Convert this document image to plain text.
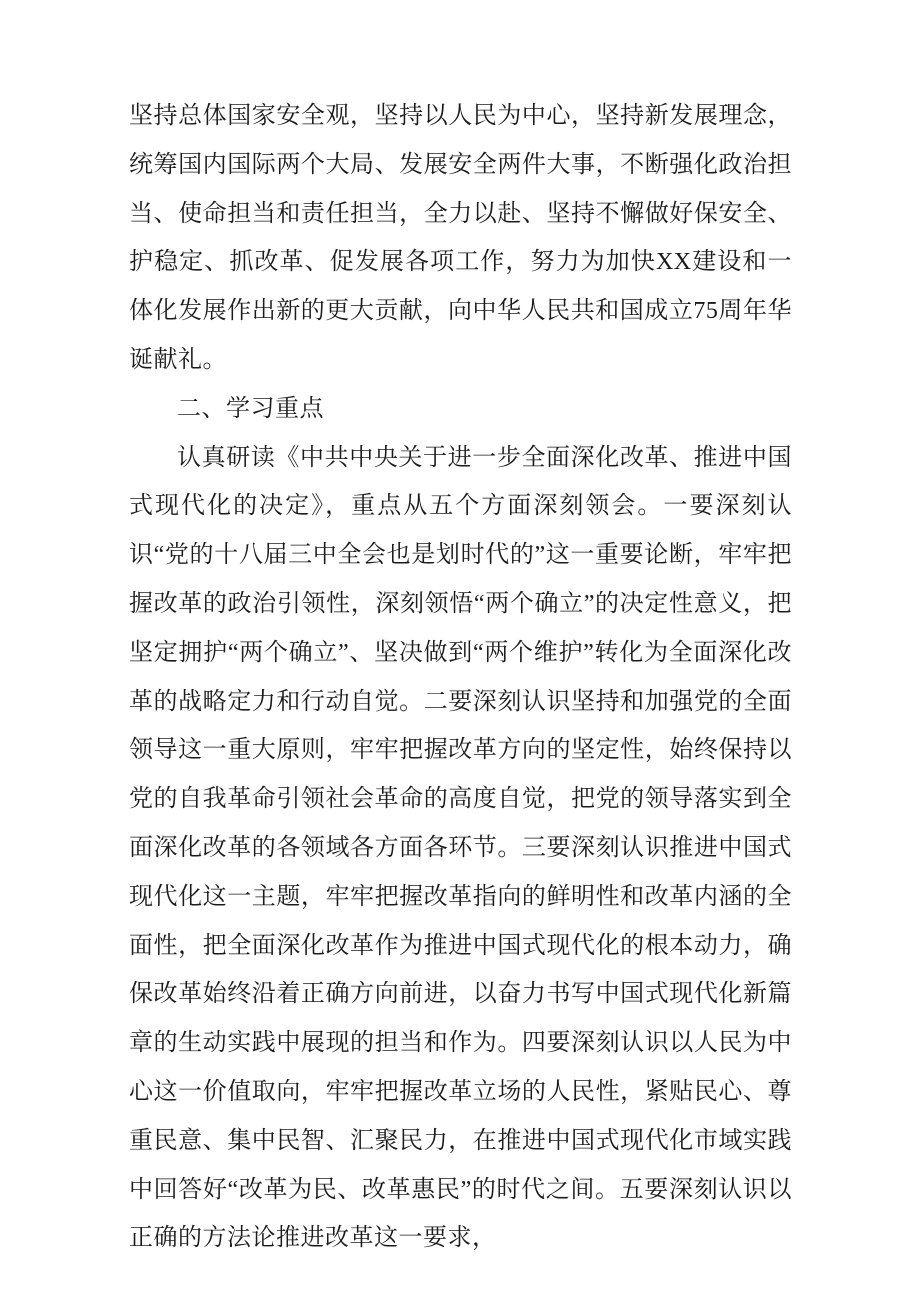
坚持总体国家安全观，坚持以人民为中心，坚持新发展理念，统筹国内国际两个大局、发展安全两件大事，不断强化政治担当、使命担当和责任担当，全力以赴、坚持不懈做好保安全、护稳定、抓改革、促发展各项工作，努力为加快XX建设和一体化发展作出新的更大贡献，向中华人民共和国成立75周年华诞献礼。

二、学习重点

认真研读《中共中央关于进一步全面深化改革、推进中国式现代化的决定》，重点从五个方面深刻领会。一要深刻认识“党的十八届三中全会也是划时代的”这一重要论断，牢牢把握改革的政治引领性，深刻领悟“两个确立”的决定性意义，把坚定拥护“两个确立”、坚决做到“两个维护”转化为全面深化改革的战略定力和行动自觉。二要深刻认识坚持和加强党的全面领导这一重大原则，牢牢把握改革方向的坚定性，始终保持以党的自我革命引领社会革命的高度自觉，把党的领导落实到全面深化改革的各领域各方面各环节。三要深刻认识推进中国式现代化这一主题，牢牢把握改革指向的鲜明性和改革内涵的全面性，把全面深化改革作为推进中国式现代化的根本动力，确保改革始终沿着正确方向前进，以奋力书写中国式现代化新篇章的生动实践中展现的担当和作为。四要深刻认识以人民为中心这一价值取向，牢牢把握改革立场的人民性，紧贴民心、尊重民意、集中民智、汇聚民力，在推进中国式现代化市域实践中回答好“改革为民、改革惠民”的时代之间。五要深刻认识以正确的方法论推进改革这一要求，
